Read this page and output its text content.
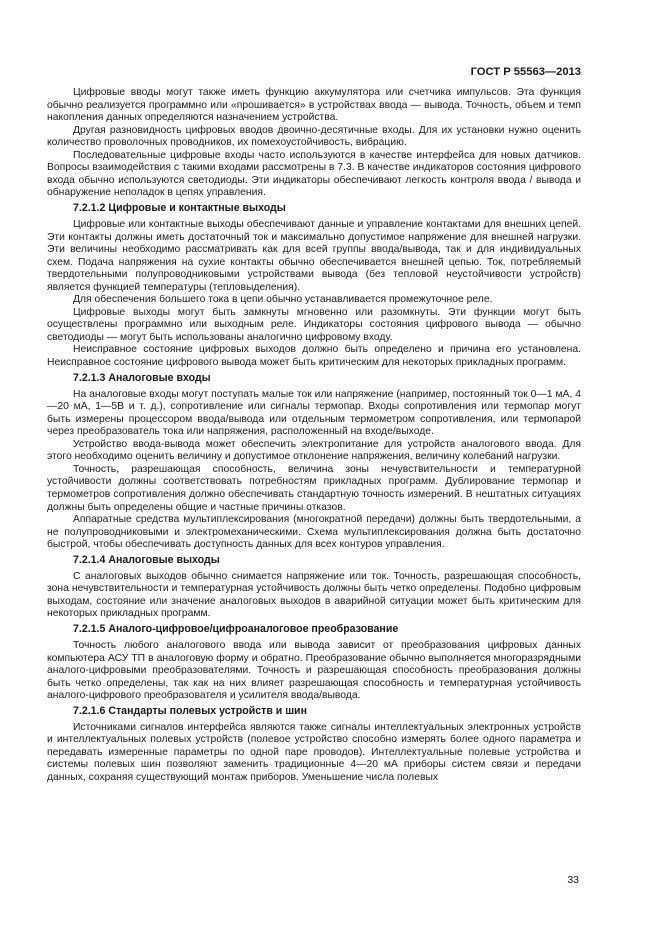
ГОСТ Р 55563—2013

Цифровые вводы могут также иметь функцию аккумулятора или счетчика импульсов. Эта функция обычно реализуется программно или «прошивается» в устройствах ввода — вывода. Точность, объем и темп накопления данных определяются назначением устройства.

Другая разновидность цифровых вводов двоично-десятичные входы. Для их установки нужно оценить количество проволочных проводников, их помехоустойчивость, вибрацию.

Последовательные цифровые входы часто используются в качестве интерфейса для новых датчиков. Вопросы взаимодействия с такими входами рассмотрены в 7.3. В качестве индикаторов состояния цифрового входа обычно используются светодиоды. Эти индикаторы обеспечивают легкость контроля ввода / вывода и обнаружение неполадок в цепях управления.

7.2.1.2 Цифровые и контактные выходы

Цифровые или контактные выходы обеспечивают данные и управление контактами для внешних цепей. Эти контакты должны иметь достаточный ток и максимально допустимое напряжение для внешней нагрузки. Эти величины необходимо рассматривать как для всей группы ввода/вывода, так и для индивидуальных схем. Подача напряжения на сухие контакты обычно обеспечивается внешней цепью. Ток, потребляемый твердотельными полупроводниковыми устройствами вывода (без тепловой неустойчивости устройств) является функцией температуры (тепловыделения).

Для обеспечения большего тока в цепи обычно устанавливается промежуточное реле.

Цифровые выходы могут быть замкнуты мгновенно или разомкнуты. Эти функции могут быть осуществлены программно или выходным реле. Индикаторы состояния цифрового вывода — обычно светодиоды — могут быть использованы аналогично цифровому входу.

Неисправное состояние цифровых выходов должно быть определено и причина его установлена. Неисправное состояние цифрового вывода может быть критическим для некоторых прикладных программ.

7.2.1.3 Аналоговые входы

На аналоговые входы могут поступать малые ток или напряжение (например, постоянный ток 0—1 мА, 4—20 мА, 1—5В и т. д.), сопротивление или сигналы термопар. Входы сопротивления или термопар могут быть измерены процессором ввода/вывода или отдельным термометром сопротивления, или термопарой через преобразователь тока или напряжения, расположенный на входе/выходе.

Устройство ввода-вывода может обеспечить электропитание для устройств аналогового ввода. Для этого необходимо оценить величину и допустимое отклонение напряжения, величину колебаний нагрузки.

Точность, разрешающая способность, величина зоны нечувствительности и температурной устойчивости должны соответствовать потребностям прикладных программ. Дублирование термопар и термометров сопротивления должно обеспечивать стандартную точность измерений. В нештатных ситуациях должны быть определены общие и частные причины отказов.

Аппаратные средства мультиплексирования (многократной передачи) должны быть твердотельными, а не полупроводниковыми и электромеханическими. Схема мультиплексирования должна быть достаточно быстрой, чтобы обеспечивать доступность данных для всех контуров управления.

7.2.1.4 Аналоговые выходы

С аналоговых выходов обычно снимается напряжение или ток. Точность, разрешающая способность, зона нечувствительности и температурная устойчивость должны быть четко определены. Подобно цифровым выходам, состояние или значение аналоговых выходов в аварийной ситуации может быть критическим для некоторых прикладных программ.

7.2.1.5 Аналого-цифровое/цифроаналоговое преобразование

Точность любого аналогового ввода или вывода зависит от преобразования цифровых данных компьютера АСУ ТП в аналоговую форму и обратно. Преобразование обычно выполняется многоразрядными аналого-цифровыми преобразователями. Точность и разрешающая способность преобразования должны быть четко определены, так как на них влияет разрешающая способность и температурная устойчивость аналого-цифрового преобразователя и усилителя ввода/вывода.

7.2.1.6 Стандарты полевых устройств и шин

Источниками сигналов интерфейса являются также сигналы интеллектуальных электронных устройств и интеллектуальных полевых устройств (полевое устройство способно измерять более одного параметра и передавать измеренные параметры по одной паре проводов). Интеллектуальные полевые устройства и системы полевых шин позволяют заменить традиционные 4—20 мА приборы систем связи и передачи данных, сохраняя существующий монтаж приборов. Уменьшение числа полевых

33
